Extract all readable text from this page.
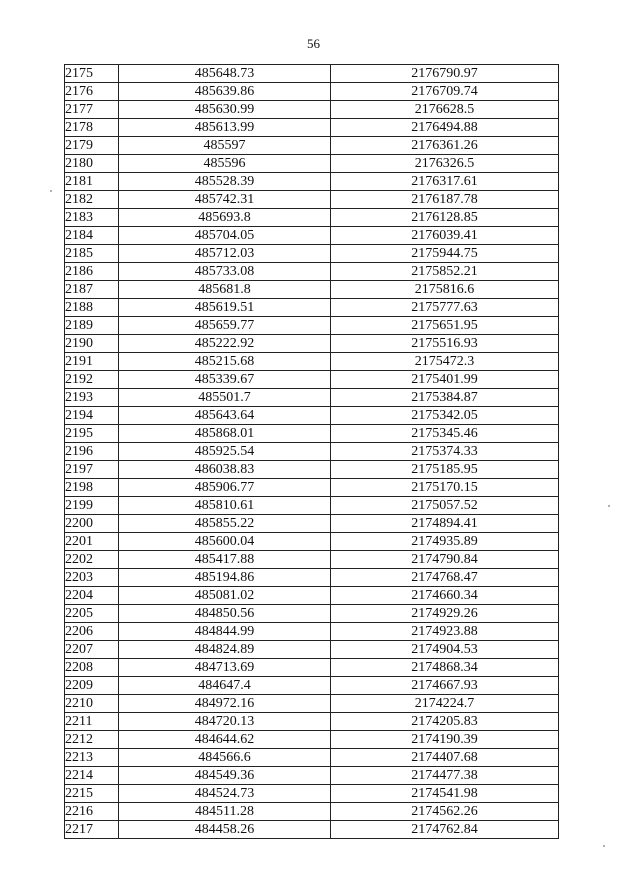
56
2175	485648.73	2176790.97
2176	485639.86	2176709.74
2177	485630.99	2176628.5
2178	485613.99	2176494.88
2179	485597	2176361.26
2180	485596	2176326.5
2181	485528.39	2176317.61
2182	485742.31	2176187.78
2183	485693.8	2176128.85
2184	485704.05	2176039.41
2185	485712.03	2175944.75
2186	485733.08	2175852.21
2187	485681.8	2175816.6
2188	485619.51	2175777.63
2189	485659.77	2175651.95
2190	485222.92	2175516.93
2191	485215.68	2175472.3
2192	485339.67	2175401.99
2193	485501.7	2175384.87
2194	485643.64	2175342.05
2195	485868.01	2175345.46
2196	485925.54	2175374.33
2197	486038.83	2175185.95
2198	485906.77	2175170.15
2199	485810.61	2175057.52
2200	485855.22	2174894.41
2201	485600.04	2174935.89
2202	485417.88	2174790.84
2203	485194.86	2174768.47
2204	485081.02	2174660.34
2205	484850.56	2174929.26
2206	484844.99	2174923.88
2207	484824.89	2174904.53
2208	484713.69	2174868.34
2209	484647.4	2174667.93
2210	484972.16	2174224.7
2211	484720.13	2174205.83
2212	484644.62	2174190.39
2213	484566.6	2174407.68
2214	484549.36	2174477.38
2215	484524.73	2174541.98
2216	484511.28	2174562.26
2217	484458.26	2174762.84
